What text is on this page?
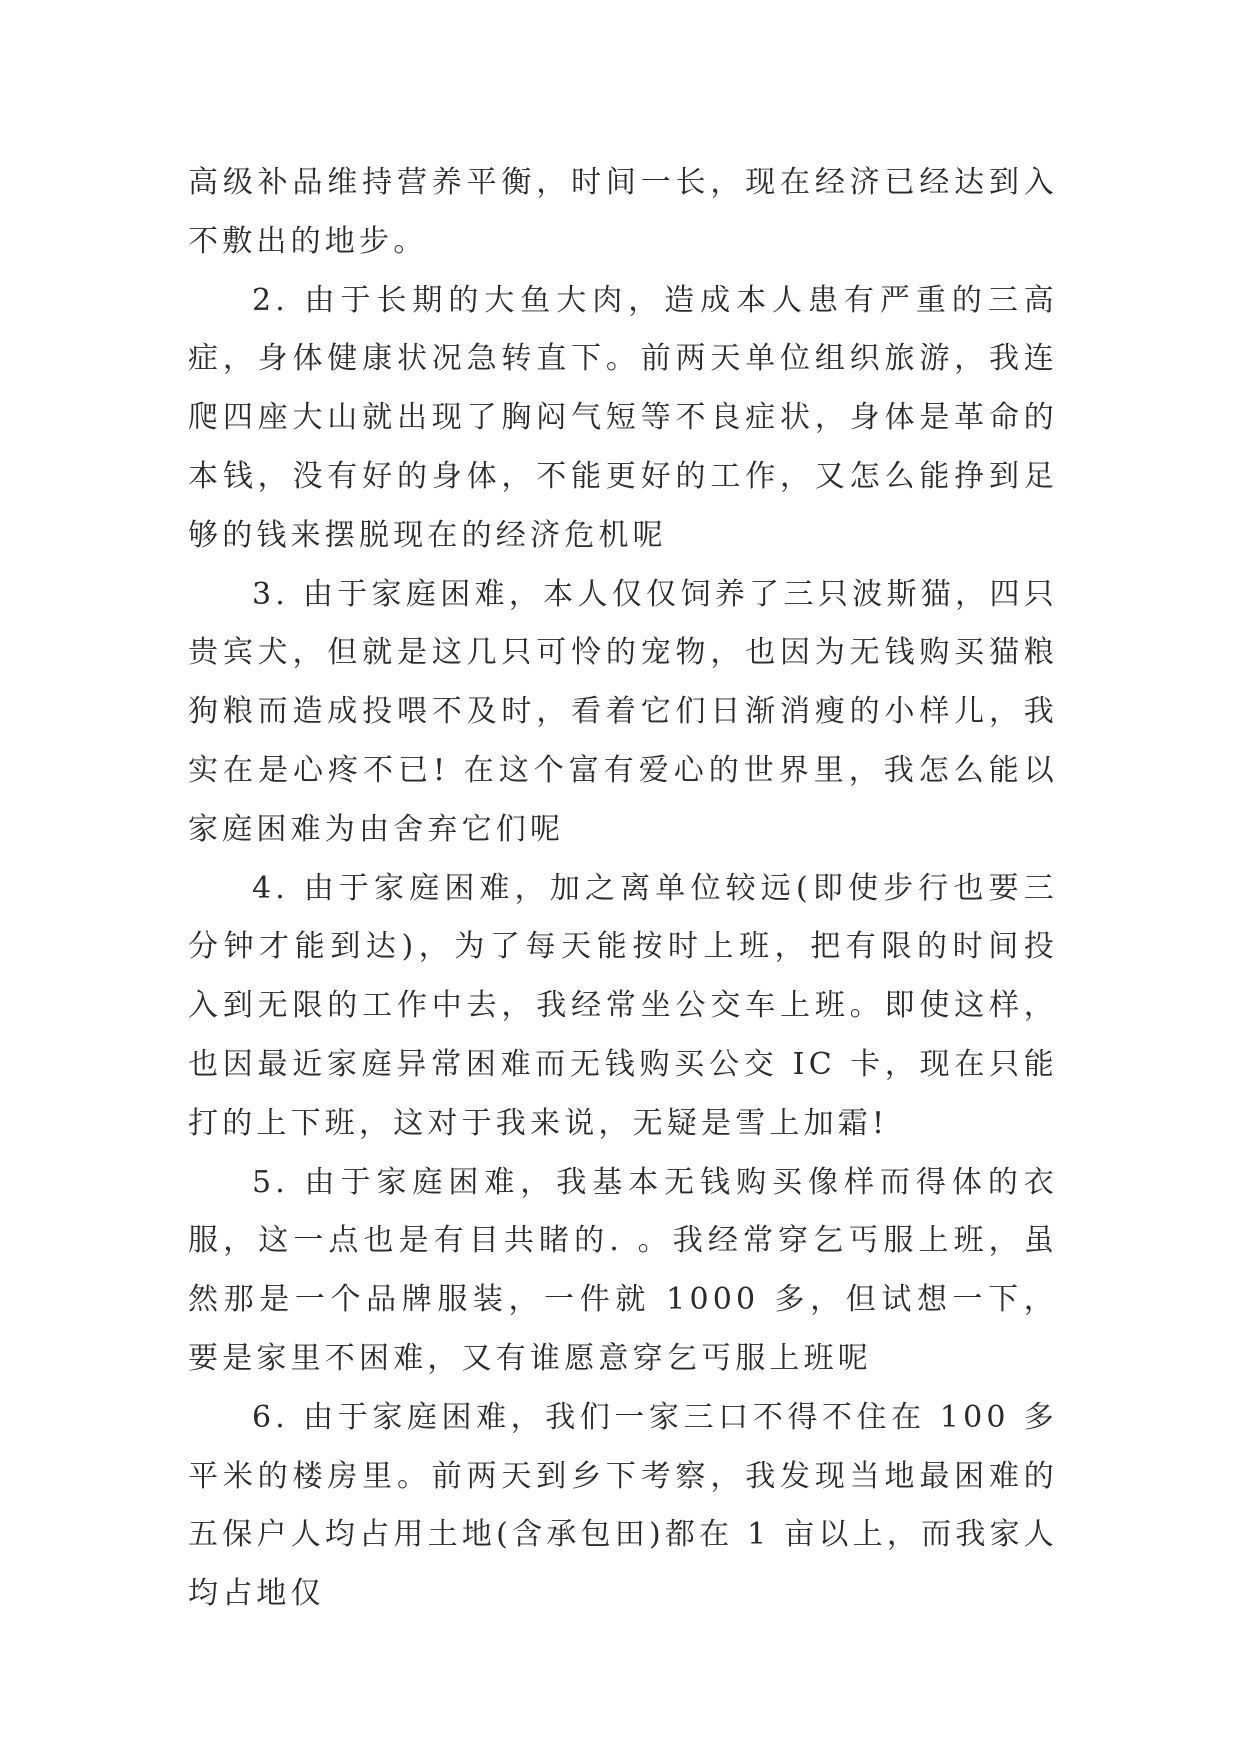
高级补品维持营养平衡，时间一长，现在经济已经达到入不敷出的地步。

2. 由于长期的大鱼大肉，造成本人患有严重的三高症，身体健康状况急转直下。前两天单位组织旅游，我连爬四座大山就出现了胸闷气短等不良症状，身体是革命的本钱，没有好的身体，不能更好的工作，又怎么能挣到足够的钱来摆脱现在的经济危机呢

3. 由于家庭困难，本人仅仅饲养了三只波斯猫，四只贵宾犬，但就是这几只可怜的宠物，也因为无钱购买猫粮狗粮而造成投喂不及时，看着它们日渐消瘦的小样儿，我实在是心疼不已! 在这个富有爱心的世界里，我怎么能以家庭困难为由舍弃它们呢

4. 由于家庭困难，加之离单位较远(即使步行也要三分钟才能到达)，为了每天能按时上班，把有限的时间投入到无限的工作中去，我经常坐公交车上班。即使这样，也因最近家庭异常困难而无钱购买公交 IC 卡，现在只能打的上下班，这对于我来说，无疑是雪上加霜!

5. 由于家庭困难，我基本无钱购买像样而得体的衣服，这一点也是有目共睹的. 。我经常穿乞丐服上班，虽然那是一个品牌服装，一件就 1000 多，但试想一下，要是家里不困难，又有谁愿意穿乞丐服上班呢

6. 由于家庭困难，我们一家三口不得不住在 100 多平米的楼房里。前两天到乡下考察，我发现当地最困难的五保户人均占用土地(含承包田)都在 1 亩以上，而我家人均占地仅
